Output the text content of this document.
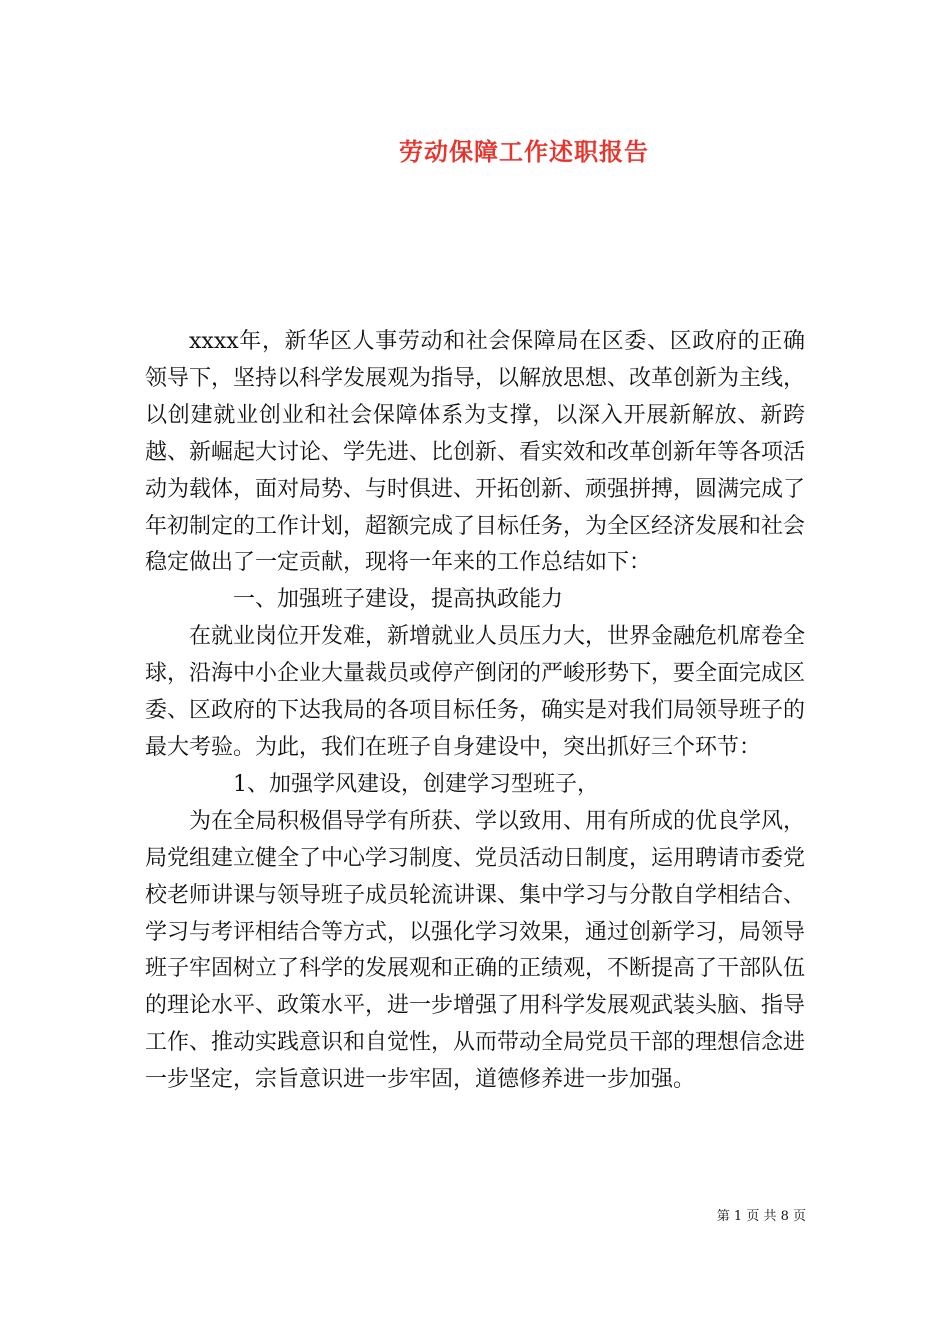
劳动保障工作述职报告

xxxx年，新华区人事劳动和社会保障局在区委、区政府的正确领导下，坚持以科学发展观为指导，以解放思想、改革创新为主线，以创建就业创业和社会保障体系为支撑，以深入开展新解放、新跨越、新崛起大讨论、学先进、比创新、看实效和改革创新年等各项活动为载体，面对局势、与时俱进、开拓创新、顽强拼搏，圆满完成了年初制定的工作计划，超额完成了目标任务，为全区经济发展和社会稳定做出了一定贡献，现将一年来的工作总结如下：

一、加强班子建设，提高执政能力

在就业岗位开发难，新增就业人员压力大，世界金融危机席卷全球，沿海中小企业大量裁员或停产倒闭的严峻形势下，要全面完成区委、区政府的下达我局的各项目标任务，确实是对我们局领导班子的最大考验。为此，我们在班子自身建设中，突出抓好三个环节：

1、加强学风建设，创建学习型班子，

为在全局积极倡导学有所获、学以致用、用有所成的优良学风，局党组建立健全了中心学习制度、党员活动日制度，运用聘请市委党校老师讲课与领导班子成员轮流讲课、集中学习与分散自学相结合、学习与考评相结合等方式，以强化学习效果，通过创新学习，局领导班子牢固树立了科学的发展观和正确的正绩观，不断提高了干部队伍的理论水平、政策水平，进一步增强了用科学发展观武装头脑、指导工作、推动实践意识和自觉性，从而带动全局党员干部的理想信念进一步坚定，宗旨意识进一步牢固，道德修养进一步加强。

第 1 页 共 8 页
